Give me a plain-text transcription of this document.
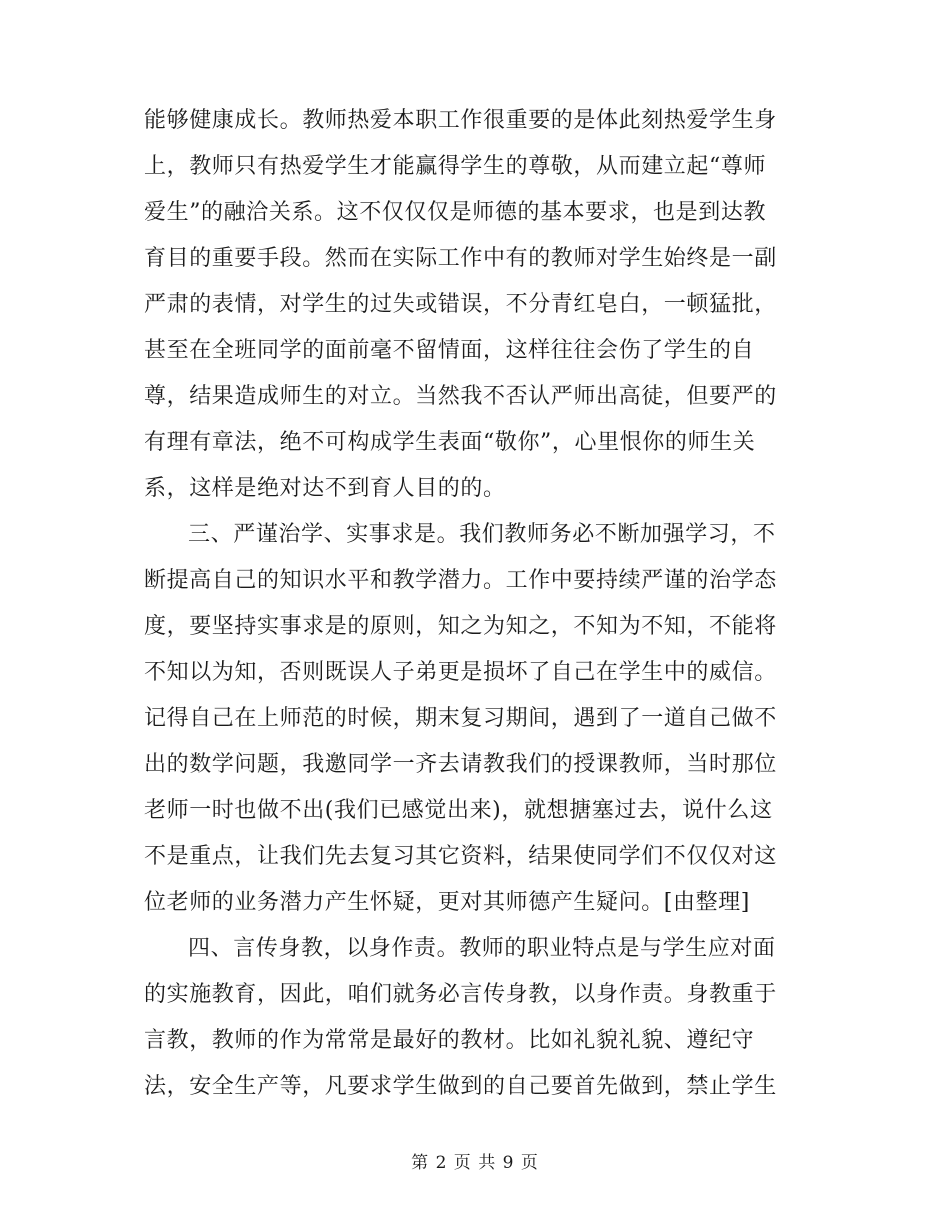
能够健康成长。教师热爱本职工作很重要的是体此刻热爱学生身
上，教师只有热爱学生才能赢得学生的尊敬，从而建立起“尊师
爱生”的融洽关系。这不仅仅仅是师德的基本要求，也是到达教
育目的重要手段。然而在实际工作中有的教师对学生始终是一副
严肃的表情，对学生的过失或错误，不分青红皂白，一顿猛批，
甚至在全班同学的面前毫不留情面，这样往往会伤了学生的自
尊，结果造成师生的对立。当然我不否认严师出高徒，但要严的
有理有章法，绝不可构成学生表面“敬你”，心里恨你的师生关
系，这样是绝对达不到育人目的的。
三、严谨治学、实事求是。我们教师务必不断加强学习，不
断提高自己的知识水平和教学潜力。工作中要持续严谨的治学态
度，要坚持实事求是的原则，知之为知之，不知为不知，不能将
不知以为知，否则既误人子弟更是损坏了自己在学生中的威信。
记得自己在上师范的时候，期末复习期间，遇到了一道自己做不
出的数学问题，我邀同学一齐去请教我们的授课教师，当时那位
老师一时也做不出(我们已感觉出来)，就想搪塞过去，说什么这
不是重点，让我们先去复习其它资料，结果使同学们不仅仅对这
位老师的业务潜力产生怀疑，更对其师德产生疑问。[由整理]
四、言传身教，以身作责。教师的职业特点是与学生应对面
的实施教育，因此，咱们就务必言传身教，以身作责。身教重于
言教，教师的作为常常是最好的教材。比如礼貌礼貌、遵纪守
法，安全生产等，凡要求学生做到的自己要首先做到，禁止学生
第 2 页 共 9 页
